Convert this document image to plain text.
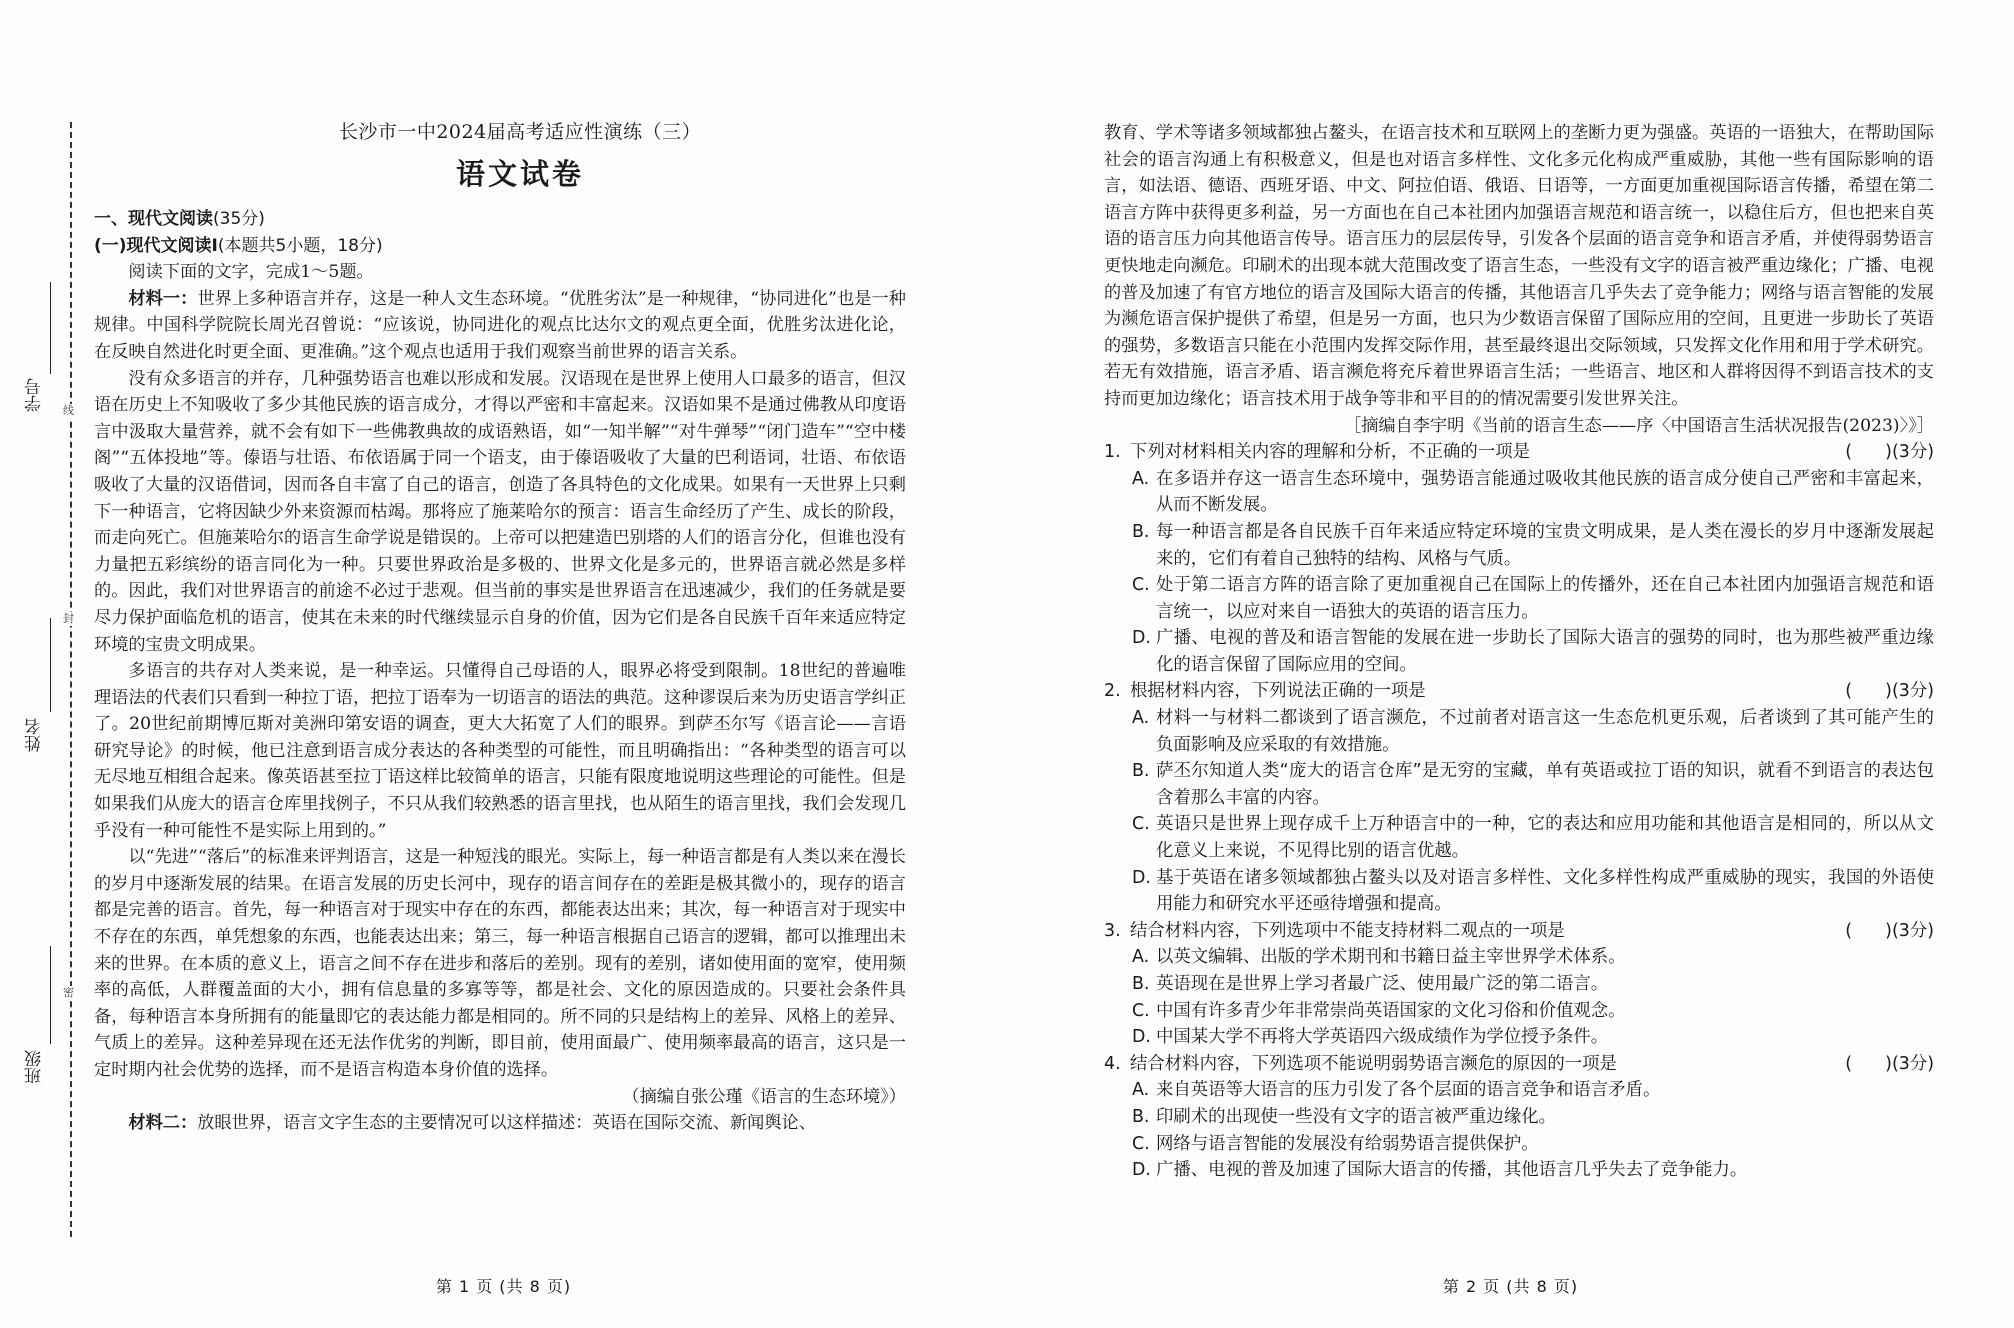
线
封
密
学号
姓名
班级
长沙市一中2024届高考适应性演练（三）
语文试卷
一、现代文阅读(35分)
(一)现代文阅读Ⅰ(本题共5小题，18分)

阅读下面的文字，完成1～5题。

材料一：世界上多种语言并存，这是一种人文生态环境。“优胜劣汰”是一种规律，“协同进化”也是一种规律。中国科学院院长周光召曾说：“应该说，协同进化的观点比达尔文的观点更全面，优胜劣汰进化论，在反映自然进化时更全面、更准确。”这个观点也适用于我们观察当前世界的语言关系。

没有众多语言的并存，几种强势语言也难以形成和发展。汉语现在是世界上使用人口最多的语言，但汉语在历史上不知吸收了多少其他民族的语言成分，才得以严密和丰富起来。汉语如果不是通过佛教从印度语言中汲取大量营养，就不会有如下一些佛教典故的成语熟语，如“一知半解”“对牛弹琴”“闭门造车”“空中楼阁”“五体投地”等。傣语与壮语、布依语属于同一个语支，由于傣语吸收了大量的巴利语词，壮语、布依语吸收了大量的汉语借词，因而各自丰富了自己的语言，创造了各具特色的文化成果。如果有一天世界上只剩下一种语言，它将因缺少外来资源而枯竭。那将应了施莱哈尔的预言：语言生命经历了产生、成长的阶段，而走向死亡。但施莱哈尔的语言生命学说是错误的。上帝可以把建造巴别塔的人们的语言分化，但谁也没有力量把五彩缤纷的语言同化为一种。只要世界政治是多极的、世界文化是多元的，世界语言就必然是多样的。因此，我们对世界语言的前途不必过于悲观。但当前的事实是世界语言在迅速减少，我们的任务就是要尽力保护面临危机的语言，使其在未来的时代继续显示自身的价值，因为它们是各自民族千百年来适应特定环境的宝贵文明成果。

多语言的共存对人类来说，是一种幸运。只懂得自己母语的人，眼界必将受到限制。18世纪的普遍唯理语法的代表们只看到一种拉丁语，把拉丁语奉为一切语言的语法的典范。这种谬误后来为历史语言学纠正了。20世纪前期博厄斯对美洲印第安语的调查，更大大拓宽了人们的眼界。到萨丕尔写《语言论——言语研究导论》的时候，他已注意到语言成分表达的各种类型的可能性，而且明确指出：“各种类型的语言可以无尽地互相组合起来。像英语甚至拉丁语这样比较简单的语言，只能有限度地说明这些理论的可能性。但是如果我们从庞大的语言仓库里找例子，不只从我们较熟悉的语言里找，也从陌生的语言里找，我们会发现几乎没有一种可能性不是实际上用到的。”

以“先进”“落后”的标准来评判语言，这是一种短浅的眼光。实际上，每一种语言都是有人类以来在漫长的岁月中逐渐发展的结果。在语言发展的历史长河中，现存的语言间存在的差距是极其微小的，现存的语言都是完善的语言。首先，每一种语言对于现实中存在的东西，都能表达出来；其次，每一种语言对于现实中不存在的东西，单凭想象的东西，也能表达出来；第三，每一种语言根据自己语言的逻辑，都可以推理出未来的世界。在本质的意义上，语言之间不存在进步和落后的差别。现有的差别，诸如使用面的宽窄，使用频率的高低，人群覆盖面的大小，拥有信息量的多寡等等，都是社会、文化的原因造成的。只要社会条件具备，每种语言本身所拥有的能量即它的表达能力都是相同的。所不同的只是结构上的差异、风格上的差异、气质上的差异。这种差异现在还无法作优劣的判断，即目前，使用面最广、使用频率最高的语言，这只是一定时期内社会优势的选择，而不是语言构造本身价值的选择。

（摘编自张公瑾《语言的生态环境》）

材料二：放眼世界，语言文字生态的主要情况可以这样描述：英语在国际交流、新闻舆论、

第 1 页 (共 8 页)

教育、学术等诸多领域都独占鳌头，在语言技术和互联网上的垄断力更为强盛。英语的一语独大，在帮助国际社会的语言沟通上有积极意义，但是也对语言多样性、文化多元化构成严重威胁，其他一些有国际影响的语言，如法语、德语、西班牙语、中文、阿拉伯语、俄语、日语等，一方面更加重视国际语言传播，希望在第二语言方阵中获得更多利益，另一方面也在自己本社团内加强语言规范和语言统一，以稳住后方，但也把来自英语的语言压力向其他语言传导。语言压力的层层传导，引发各个层面的语言竞争和语言矛盾，并使得弱势语言更快地走向濒危。印刷术的出现本就大范围改变了语言生态，一些没有文字的语言被严重边缘化；广播、电视的普及加速了有官方地位的语言及国际大语言的传播，其他语言几乎失去了竞争能力；网络与语言智能的发展为濒危语言保护提供了希望，但是另一方面，也只为少数语言保留了国际应用的空间，且更进一步助长了英语的强势，多数语言只能在小范围内发挥交际作用，甚至最终退出交际领域，只发挥文化作用和用于学术研究。若无有效措施，语言矛盾、语言濒危将充斥着世界语言生活；一些语言、地区和人群将因得不到语言技术的支持而更加边缘化；语言技术用于战争等非和平目的的情况需要引发世界关注。

［摘编自李宇明《当前的语言生态——序〈中国语言生活状况报告(2023)〉》］

1. 下列对材料相关内容的理解和分析，不正确的一项是	(      )(3分)
A. 在多语并存这一语言生态环境中，强势语言能通过吸收其他民族的语言成分使自己严密和丰富起来，从而不断发展。
B. 每一种语言都是各自民族千百年来适应特定环境的宝贵文明成果，是人类在漫长的岁月中逐渐发展起来的，它们有着自己独特的结构、风格与气质。
C. 处于第二语言方阵的语言除了更加重视自己在国际上的传播外，还在自己本社团内加强语言规范和语言统一，以应对来自一语独大的英语的语言压力。
D. 广播、电视的普及和语言智能的发展在进一步助长了国际大语言的强势的同时，也为那些被严重边缘化的语言保留了国际应用的空间。
2. 根据材料内容，下列说法正确的一项是	(      )(3分)
A. 材料一与材料二都谈到了语言濒危，不过前者对语言这一生态危机更乐观，后者谈到了其可能产生的负面影响及应采取的有效措施。
B. 萨丕尔知道人类“庞大的语言仓库”是无穷的宝藏，单有英语或拉丁语的知识，就看不到语言的表达包含着那么丰富的内容。
C. 英语只是世界上现存成千上万种语言中的一种，它的表达和应用功能和其他语言是相同的，所以从文化意义上来说，不见得比别的语言优越。
D. 基于英语在诸多领域都独占鳌头以及对语言多样性、文化多样性构成严重威胁的现实，我国的外语使用能力和研究水平还亟待增强和提高。
3. 结合材料内容，下列选项中不能支持材料二观点的一项是	(      )(3分)
A. 以英文编辑、出版的学术期刊和书籍日益主宰世界学术体系。
B. 英语现在是世界上学习者最广泛、使用最广泛的第二语言。
C. 中国有许多青少年非常崇尚英语国家的文化习俗和价值观念。
D. 中国某大学不再将大学英语四六级成绩作为学位授予条件。
4. 结合材料内容，下列选项不能说明弱势语言濒危的原因的一项是	(      )(3分)
A. 来自英语等大语言的压力引发了各个层面的语言竞争和语言矛盾。
B. 印刷术的出现使一些没有文字的语言被严重边缘化。
C. 网络与语言智能的发展没有给弱势语言提供保护。
D. 广播、电视的普及加速了国际大语言的传播，其他语言几乎失去了竞争能力。
第 2 页 (共 8 页)
